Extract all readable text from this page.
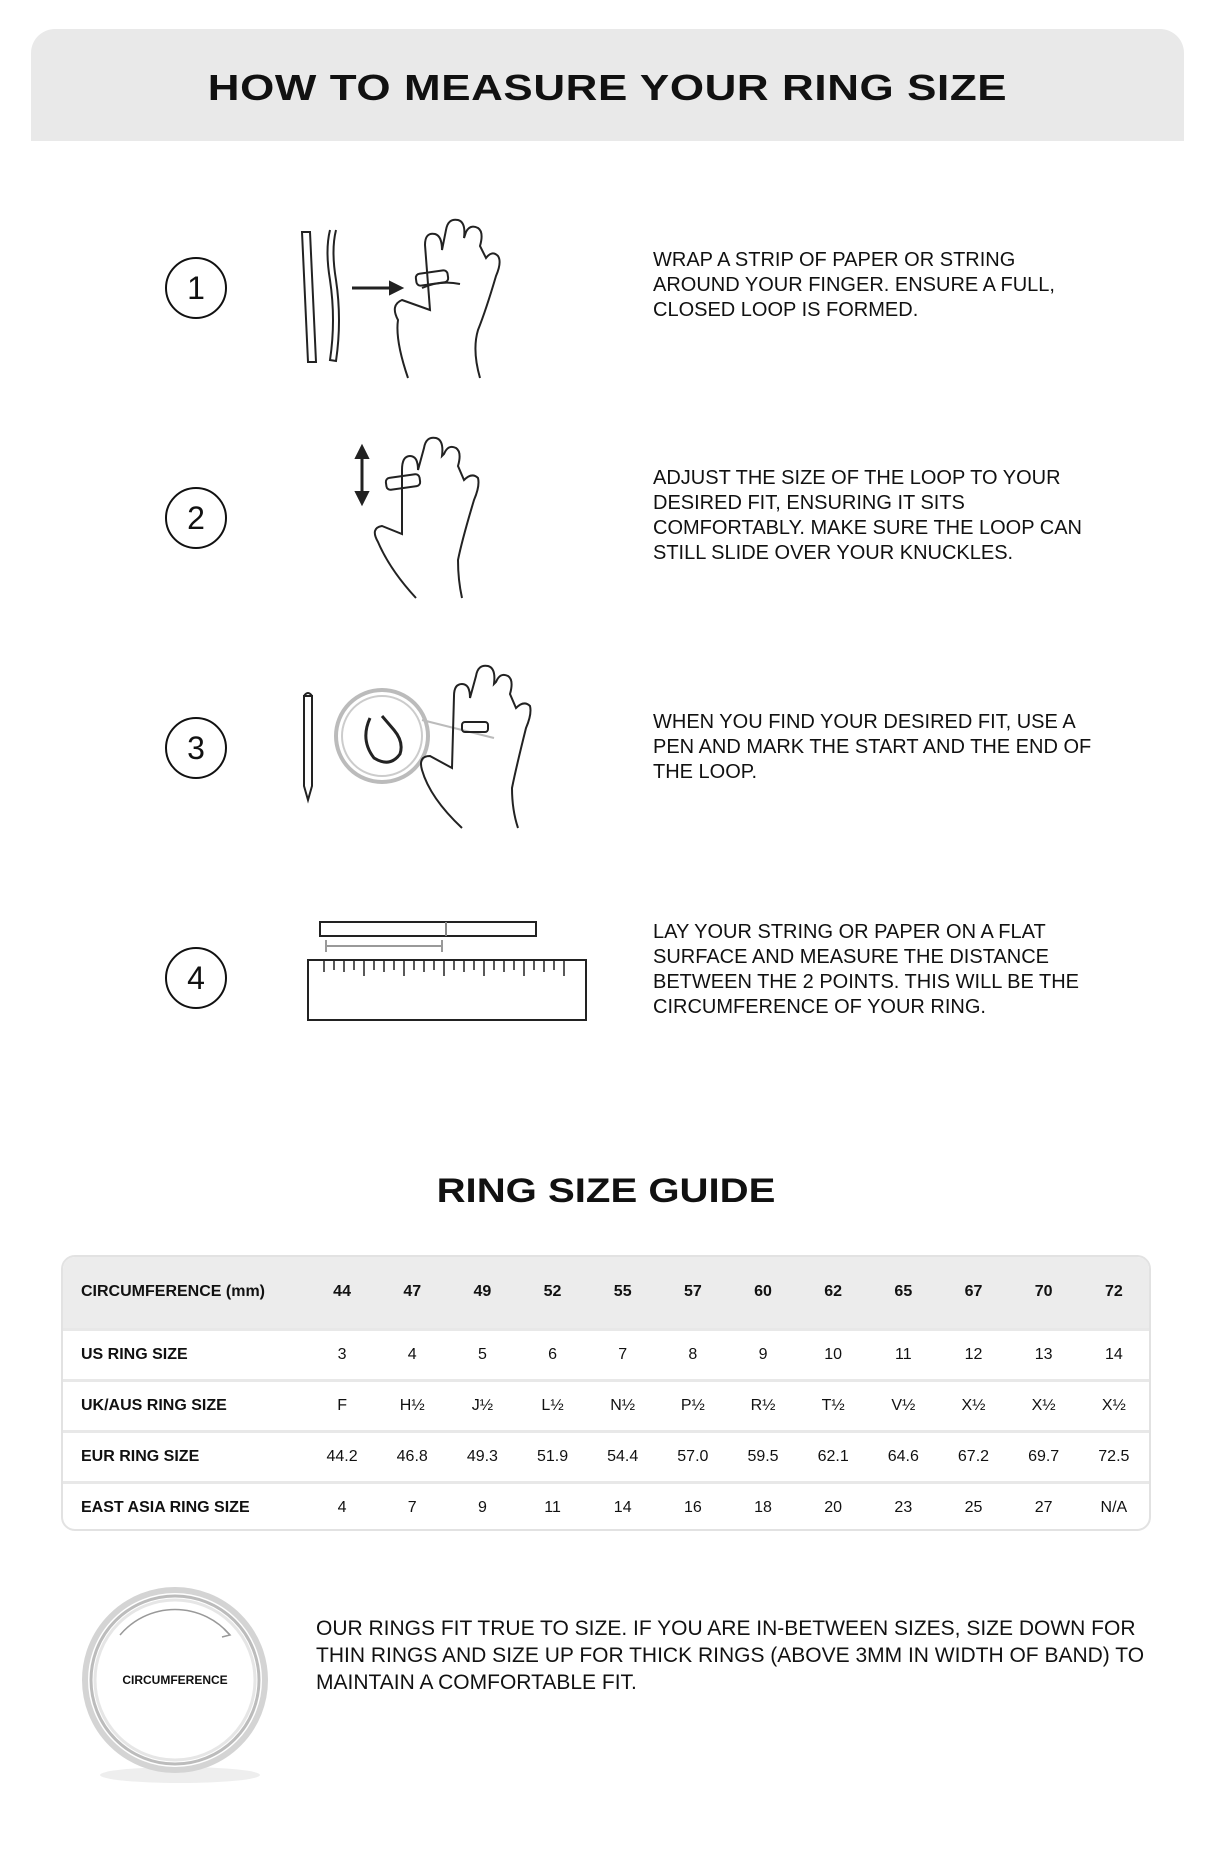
HOW TO MEASURE YOUR RING SIZE
1
WRAP A STRIP OF PAPER OR STRING AROUND YOUR FINGER. ENSURE A FULL, CLOSED LOOP IS FORMED.
2
ADJUST THE SIZE OF THE LOOP TO YOUR DESIRED FIT, ENSURING IT SITS COMFORTABLY. MAKE SURE THE LOOP CAN STILL SLIDE OVER YOUR KNUCKLES.
3
WHEN YOU FIND YOUR DESIRED FIT, USE A PEN AND MARK THE START AND THE END OF THE LOOP.
4
LAY YOUR STRING OR PAPER ON A FLAT SURFACE AND MEASURE THE DISTANCE BETWEEN THE 2 POINTS. THIS WILL BE THE CIRCUMFERENCE OF YOUR RING.
RING SIZE GUIDE
CIRCUMFERENCE (mm)	44	47	49	52	55	57	60	62	65	67	70	72
US RING SIZE	3	4	5	6	7	8	9	10	11	12	13	14
UK/AUS RING SIZE	F	H½	J½	L½	N½	P½	R½	T½	V½	X½	X½	X½
EUR RING SIZE	44.2	46.8	49.3	51.9	54.4	57.0	59.5	62.1	64.6	67.2	69.7	72.5
EAST ASIA RING SIZE	4	7	9	11	14	16	18	20	23	25	27	N/A
CIRCUMFERENCE
OUR RINGS FIT TRUE TO SIZE. IF YOU ARE IN-BETWEEN SIZES, SIZE DOWN FOR THIN RINGS AND SIZE UP FOR THICK RINGS (ABOVE 3MM IN WIDTH OF BAND) TO MAINTAIN A COMFORTABLE FIT.
